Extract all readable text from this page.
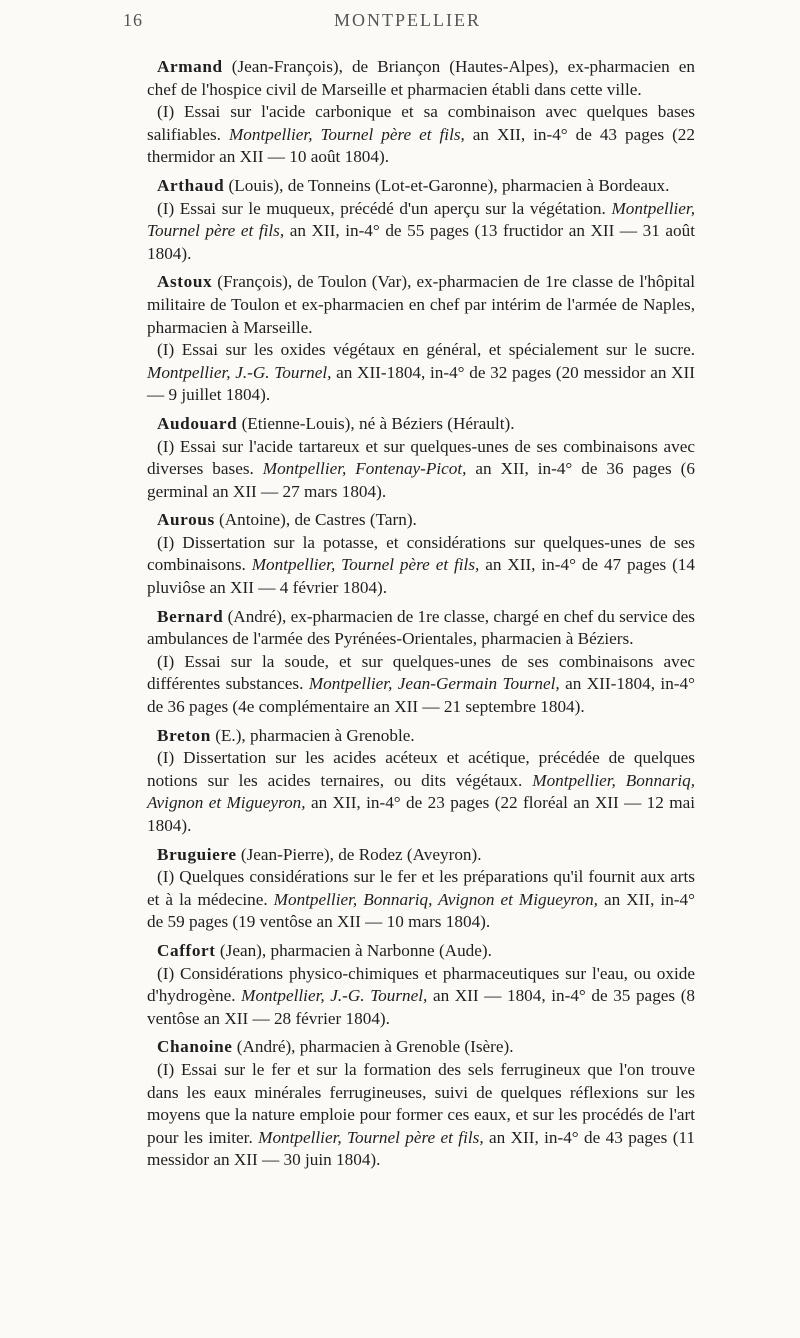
16	MONTPELLIER

Armand (Jean-François), de Briançon (Hautes-Alpes), ex-pharmacien en chef de l'hospice civil de Marseille et pharmacien établi dans cette ville.

(I) Essai sur l'acide carbonique et sa combinaison avec quelques bases salifiables. Montpellier, Tournel père et fils, an XII, in-4° de 43 pages (22 thermidor an XII — 10 août 1804).

Arthaud (Louis), de Tonneins (Lot-et-Garonne), pharmacien à Bordeaux.

(I) Essai sur le muqueux, précédé d'un aperçu sur la végétation. Montpellier, Tournel père et fils, an XII, in-4° de 55 pages (13 fructidor an XII — 31 août 1804).

Astoux (François), de Toulon (Var), ex-pharmacien de 1re classe de l'hôpital militaire de Toulon et ex-pharmacien en chef par intérim de l'armée de Naples, pharmacien à Marseille.

(I) Essai sur les oxides végétaux en général, et spécialement sur le sucre. Montpellier, J.-G. Tournel, an XII-1804, in-4° de 32 pages (20 messidor an XII — 9 juillet 1804).

Audouard (Etienne-Louis), né à Béziers (Hérault).

(I) Essai sur l'acide tartareux et sur quelques-unes de ses combinaisons avec diverses bases. Montpellier, Fontenay-Picot, an XII, in-4° de 36 pages (6 germinal an XII — 27 mars 1804).

Aurous (Antoine), de Castres (Tarn).

(I) Dissertation sur la potasse, et considérations sur quelques-unes de ses combinaisons. Montpellier, Tournel père et fils, an XII, in-4° de 47 pages (14 pluviôse an XII — 4 février 1804).

Bernard (André), ex-pharmacien de 1re classe, chargé en chef du service des ambulances de l'armée des Pyrénées-Orientales, pharmacien à Béziers.

(I) Essai sur la soude, et sur quelques-unes de ses combinaisons avec différentes substances. Montpellier, Jean-Germain Tournel, an XII-1804, in-4° de 36 pages (4e complémentaire an XII — 21 septembre 1804).

Breton (E.), pharmacien à Grenoble.

(I) Dissertation sur les acides acéteux et acétique, précédée de quelques notions sur les acides ternaires, ou dits végétaux. Montpellier, Bonnariq, Avignon et Migueyron, an XII, in-4° de 23 pages (22 floréal an XII — 12 mai 1804).

Bruguiere (Jean-Pierre), de Rodez (Aveyron).

(I) Quelques considérations sur le fer et les préparations qu'il fournit aux arts et à la médecine. Montpellier, Bonnariq, Avignon et Migueyron, an XII, in-4° de 59 pages (19 ventôse an XII — 10 mars 1804).

Caffort (Jean), pharmacien à Narbonne (Aude).

(I) Considérations physico-chimiques et pharmaceutiques sur l'eau, ou oxide d'hydrogène. Montpellier, J.-G. Tournel, an XII — 1804, in-4° de 35 pages (8 ventôse an XII — 28 février 1804).

Chanoine (André), pharmacien à Grenoble (Isère).

(I) Essai sur le fer et sur la formation des sels ferrugineux que l'on trouve dans les eaux minérales ferrugineuses, suivi de quelques réflexions sur les moyens que la nature emploie pour former ces eaux, et sur les procédés de l'art pour les imiter. Montpellier, Tournel père et fils, an XII, in-4° de 43 pages (11 messidor an XII — 30 juin 1804).
